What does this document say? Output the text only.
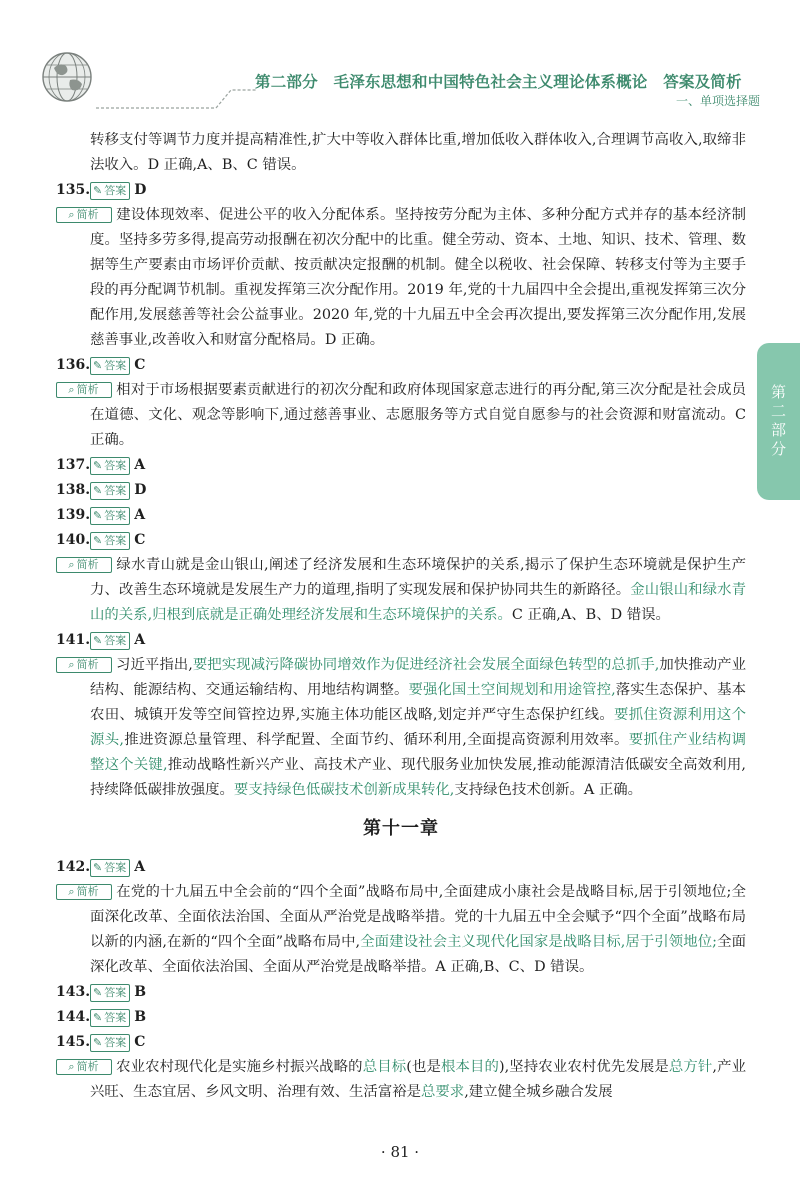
第二部分　毛泽东思想和中国特色社会主义理论体系概论　答案及简析
一、单项选择题
第二部分

转移支付等调节力度并提高精准性,扩大中等收入群体比重,增加低收入群体收入,合理调节高收入,取缔非法收入。D 正确,A、B、C 错误。

135. ✎ 答案 D

⌕ 简析 建设体现效率、促进公平的收入分配体系。坚持按劳分配为主体、多种分配方式并存的基本经济制度。坚持多劳多得,提高劳动报酬在初次分配中的比重。健全劳动、资本、土地、知识、技术、管理、数据等生产要素由市场评价贡献、按贡献决定报酬的机制。健全以税收、社会保障、转移支付等为主要手段的再分配调节机制。重视发挥第三次分配作用。2019 年,党的十九届四中全会提出,重视发挥第三次分配作用,发展慈善等社会公益事业。2020 年,党的十九届五中全会再次提出,要发挥第三次分配作用,发展慈善事业,改善收入和财富分配格局。D 正确。

136. ✎ 答案 C

⌕ 简析 相对于市场根据要素贡献进行的初次分配和政府体现国家意志进行的再分配,第三次分配是社会成员在道德、文化、观念等影响下,通过慈善事业、志愿服务等方式自觉自愿参与的社会资源和财富流动。C 正确。

137. ✎ 答案 A
138. ✎ 答案 D
139. ✎ 答案 A
140. ✎ 答案 C

⌕ 简析 绿水青山就是金山银山,阐述了经济发展和生态环境保护的关系,揭示了保护生态环境就是保护生产力、改善生态环境就是发展生产力的道理,指明了实现发展和保护协同共生的新路径。金山银山和绿水青山的关系,归根到底就是正确处理经济发展和生态环境保护的关系。C 正确,A、B、D 错误。

141. ✎ 答案 A

⌕ 简析 习近平指出,要把实现减污降碳协同增效作为促进经济社会发展全面绿色转型的总抓手,加快推动产业结构、能源结构、交通运输结构、用地结构调整。要强化国土空间规划和用途管控,落实生态保护、基本农田、城镇开发等空间管控边界,实施主体功能区战略,划定并严守生态保护红线。要抓住资源利用这个源头,推进资源总量管理、科学配置、全面节约、循环利用,全面提高资源利用效率。要抓住产业结构调整这个关键,推动战略性新兴产业、高技术产业、现代服务业加快发展,推动能源清洁低碳安全高效利用,持续降低碳排放强度。要支持绿色低碳技术创新成果转化,支持绿色技术创新。A 正确。

第十一章
142. ✎ 答案 A

⌕ 简析 在党的十九届五中全会前的“四个全面”战略布局中,全面建成小康社会是战略目标,居于引领地位;全面深化改革、全面依法治国、全面从严治党是战略举措。党的十九届五中全会赋予“四个全面”战略布局以新的内涵,在新的“四个全面”战略布局中,全面建设社会主义现代化国家是战略目标,居于引领地位;全面深化改革、全面依法治国、全面从严治党是战略举措。A 正确,B、C、D 错误。

143. ✎ 答案 B
144. ✎ 答案 B
145. ✎ 答案 C

⌕ 简析 农业农村现代化是实施乡村振兴战略的总目标(也是根本目的),坚持农业农村优先发展是总方针,产业兴旺、生态宜居、乡风文明、治理有效、生活富裕是总要求,建立健全城乡融合发展

· 81 ·
